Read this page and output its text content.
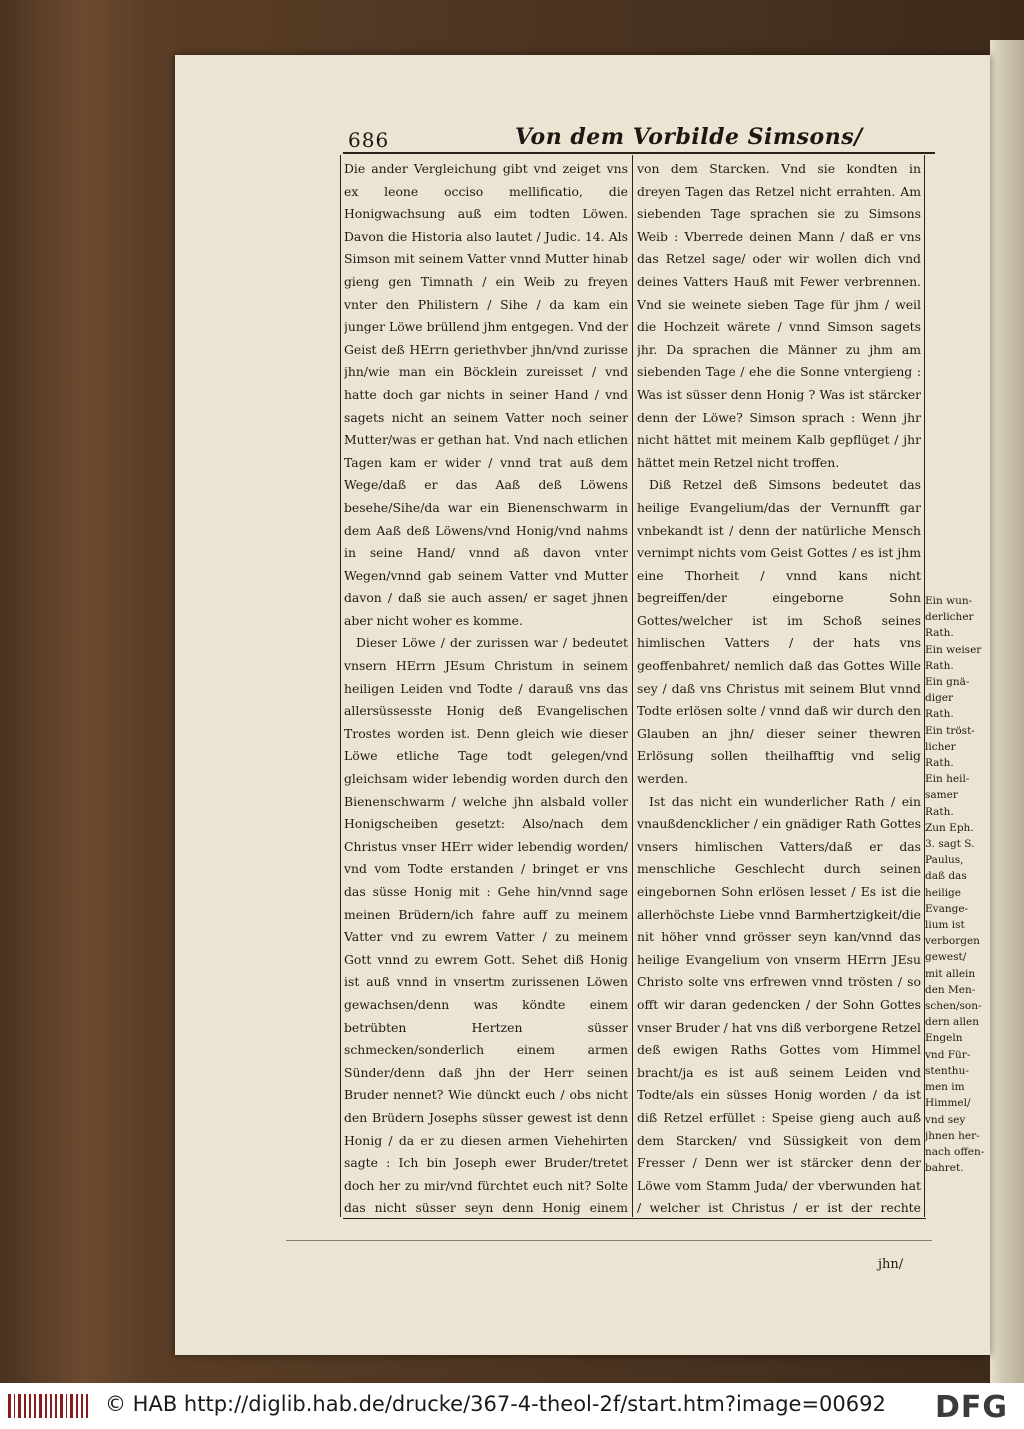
686	Von dem Vorbilde Simsons/

Die ander Vergleichung gibt vnd zeiget vns ex leone occiso mellificatio, die Honigwachsung auß eim todten Löwen. Davon die Historia also lautet / Judic. 14. Als Simson mit seinem Vatter vnnd Mutter hinab gieng gen Timnath / ein Weib zu freyen vnter den Philistern / Sihe / da kam ein junger Löwe brüllend jhm entgegen. Vnd der Geist deß HErrn geriethvber jhn/vnd zurisse jhn/wie man ein Böcklein zureisset / vnd hatte doch gar nichts in seiner Hand / vnd sagets nicht an seinem Vatter noch seiner Mutter/was er gethan hat. Vnd nach etlichen Tagen kam er wider / vnnd trat auß dem Wege/daß er das Aaß deß Löwens besehe/Sihe/da war ein Bienenschwarm in dem Aaß deß Löwens/vnd Honig/vnd nahms in seine Hand/ vnnd aß davon vnter Wegen/vnnd gab seinem Vatter vnd Mutter davon / daß sie auch assen/ er saget jhnen aber nicht woher es komme.

Dieser Löwe / der zurissen war / bedeutet vnsern HErrn JEsum Christum in seinem heiligen Leiden vnd Todte / darauß vns das allersüssesste Honig deß Evangelischen Trostes worden ist. Denn gleich wie dieser Löwe etliche Tage todt gelegen/vnd gleichsam wider lebendig worden durch den Bienenschwarm / welche jhn alsbald voller Honigscheiben gesetzt: Also/nach dem Christus vnser HErr wider lebendig worden/ vnd vom Todte erstanden / bringet er vns das süsse Honig mit : Gehe hin/vnnd sage meinen Brüdern/ich fahre auff zu meinem Vatter vnd zu ewrem Vatter / zu meinem Gott vnnd zu ewrem Gott. Sehet diß Honig ist auß vnnd in vnsertm zurissenen Löwen gewachsen/denn was köndte einem betrübten Hertzen süsser schmecken/sonderlich einem armen Sünder/denn daß jhn der Herr seinen Bruder nennet? Wie dünckt euch / obs nicht den Brüdern Josephs süsser gewest ist denn Honig / da er zu diesen armen Viehehirten sagte : Ich bin Joseph ewer Bruder/tretet doch her zu mir/vnd fürchtet euch nit? Solte das nicht süsser seyn denn Honig einem

von dem Starcken. Vnd sie kondten in dreyen Tagen das Retzel nicht errahten. Am siebenden Tage sprachen sie zu Simsons Weib : Vberrede deinen Mann / daß er vns das Retzel sage/ oder wir wollen dich vnd deines Vatters Hauß mit Fewer verbrennen. Vnd sie weinete sieben Tage für jhm / weil die Hochzeit wärete / vnnd Simson sagets jhr. Da sprachen die Männer zu jhm am siebenden Tage / ehe die Sonne vntergieng : Was ist süsser denn Honig ? Was ist stärcker denn der Löwe? Simson sprach : Wenn jhr nicht hättet mit meinem Kalb gepflüget / jhr hättet mein Retzel nicht troffen.

Diß Retzel deß Simsons bedeutet das heilige Evangelium/das der Vernunfft gar vnbekandt ist / denn der natürliche Mensch vernimpt nichts vom Geist Gottes / es ist jhm eine Thorheit / vnnd kans nicht begreiffen/der eingeborne Sohn Gottes/welcher ist im Schoß seines himlischen Vatters / der hats vns geoffenbahret/ nemlich daß das Gottes Wille sey / daß vns Christus mit seinem Blut vnnd Todte erlösen solte / vnnd daß wir durch den Glauben an jhn/ dieser seiner thewren Erlösung sollen theilhafftig vnd selig werden.

Ist das nicht ein wunderlicher Rath / ein vnaußdencklicher / ein gnädiger Rath Gottes vnsers himlischen Vatters/daß er das menschliche Geschlecht durch seinen eingebornen Sohn erlösen lesset / Es ist die allerhöchste Liebe vnnd Barmhertzigkeit/die nit höher vnnd grösser seyn kan/vnnd das heilige Evangelium von vnserm HErrn JEsu Christo solte vns erfrewen vnnd trösten / so offt wir daran gedencken / der Sohn Gottes vnser Bruder / hat vns diß verborgene Retzel deß ewigen Raths Gottes vom Himmel bracht/ja es ist auß seinem Leiden vnd Todte/als ein süsses Honig worden / da ist diß Retzel erfüllet : Speise gieng auch auß dem Starcken/ vnd Süssigkeit von dem Fresser / Denn wer ist stärcker denn der Löwe vom Stamm Juda/ der vberwunden hat / welcher ist Christus / er ist der rechte

Ein wun-
derlicher
Rath.
Ein weiser
Rath.
Ein gnä-
diger
Rath.
Ein tröst-
licher
Rath.
Ein heil-
samer
Rath.
Zun Eph.
3. sagt S.
Paulus,
daß das
heilige
Evange-
lium ist
verborgen
gewest/
mit allein
den Men-
schen/son-
dern allen
Engeln
vnd Für-
stenthu-
men im
Himmel/
vnd sey
jhnen her-
nach offen-
bahret.
jhn/
© HAB http://diglib.hab.de/drucke/367-4-theol-2f/start.htm?image=00692 DFG
